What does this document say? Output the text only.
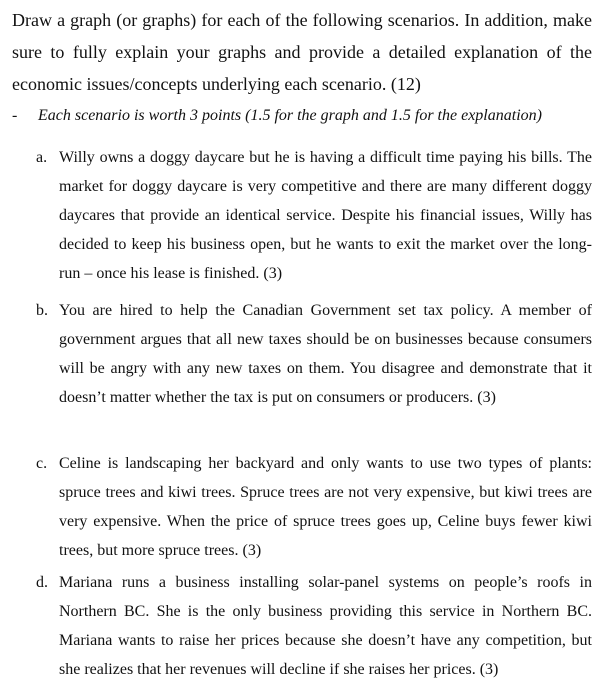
Draw a graph (or graphs) for each of the following scenarios. In addition, make sure to fully explain your graphs and provide a detailed explanation of the economic issues/concepts underlying each scenario. (12)

- Each scenario is worth 3 points (1.5 for the graph and 1.5 for the explanation)
a. Willy owns a doggy daycare but he is having a difficult time paying his bills. The market for doggy daycare is very competitive and there are many different doggy daycares that provide an identical service. Despite his financial issues, Willy has decided to keep his business open, but he wants to exit the market over the long-run – once his lease is finished. (3)
b. You are hired to help the Canadian Government set tax policy. A member of government argues that all new taxes should be on businesses because consumers will be angry with any new taxes on them. You disagree and demonstrate that it doesn’t matter whether the tax is put on consumers or producers. (3)
c. Celine is landscaping her backyard and only wants to use two types of plants: spruce trees and kiwi trees. Spruce trees are not very expensive, but kiwi trees are very expensive. When the price of spruce trees goes up, Celine buys fewer kiwi trees, but more spruce trees. (3)
d. Mariana runs a business installing solar-panel systems on people’s roofs in Northern BC. She is the only business providing this service in Northern BC. Mariana wants to raise her prices because she doesn’t have any competition, but she realizes that her revenues will decline if she raises her prices. (3)
